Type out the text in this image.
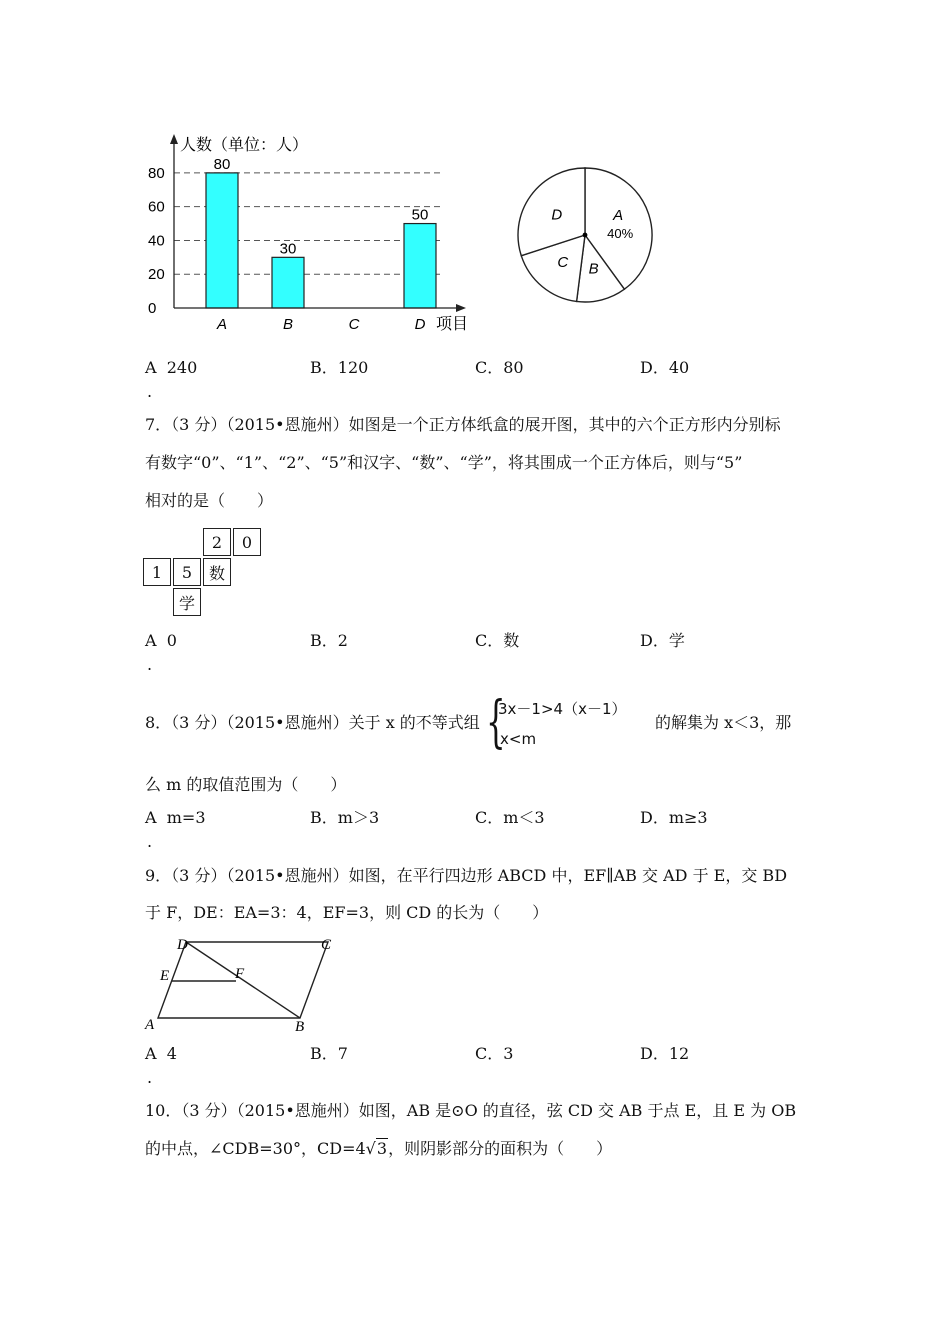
80
30
50
0
20
40
60
80
A	B	C	D
人数（单位：人）
项目
A
40%
B
C
D
A 240	B．120	C．80	D．40
.
7．（3 分）（2015•恩施州）如图是一个正方体纸盒的展开图，其中的六个正方形内分别标
有数字“0”、“1”、“2”、“5”和汉字、“数”、“学”，将其围成一个正方体后，则与“5”
相对的是（　　）
2	0
1	5	数
学
A 0	B．2	C．数	D．学
.
8．（3 分）（2015•恩施州）关于 x 的不等式组 {
3x－1>4（x－1）
x<m
的解集为 x＜3，那
么 m 的取值范围为（　　）
A m=3	B．m＞3	C．m＜3	D．m≥3
.
9．（3 分）（2015•恩施州）如图，在平行四边形 ABCD 中，EF∥AB 交 AD 于 E，交 BD
于 F，DE：EA=3：4，EF=3，则 CD 的长为（　　）
D	C
E	F
A	B
A 4	B．7	C．3	D．12
.
10．（3 分）（2015•恩施州）如图，AB 是⊙O 的直径，弦 CD 交 AB 于点 E，且 E 为 OB
的中点，∠CDB=30°，CD=4√3，则阴影部分的面积为（　　）
